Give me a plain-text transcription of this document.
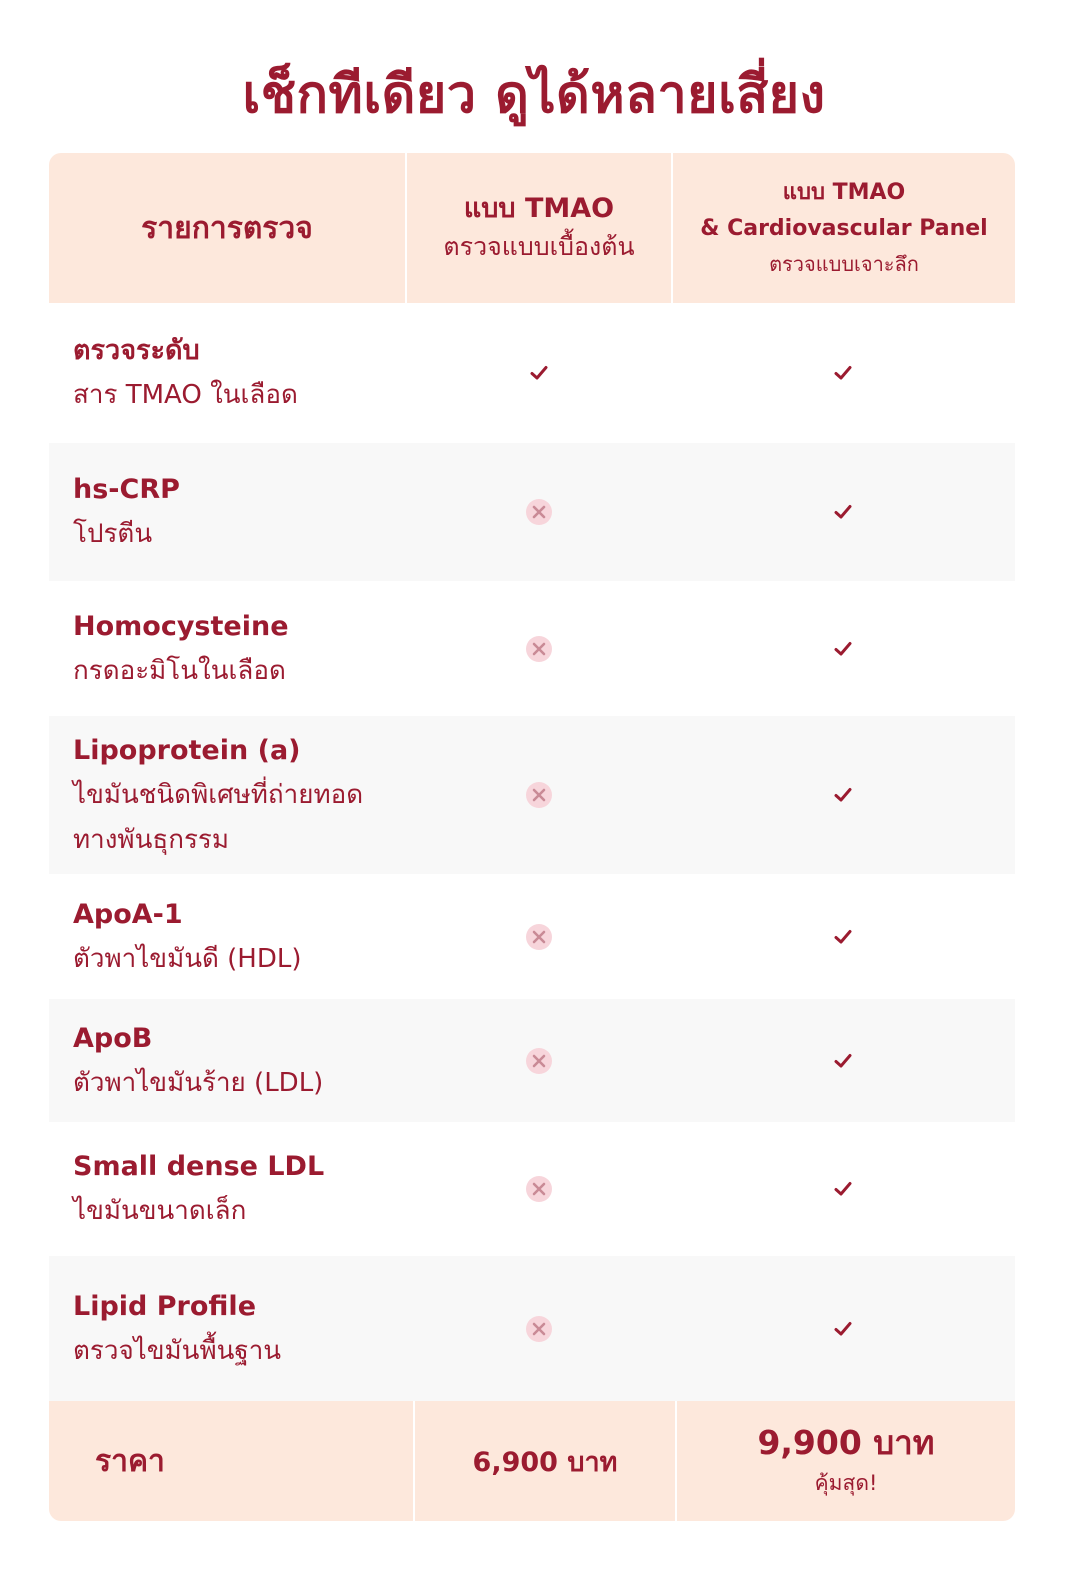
เช็กทีเดียว ดูได้หลายเสี่ยง
รายการตรวจ
แบบ TMAO
ตรวจแบบเบื้องต้น
แบบ TMAO
& Cardiovascular Panel
ตรวจแบบเจาะลึก
ตรวจระดับ
สาร TMAO ในเลือด
hs-CRP
โปรตีน
Homocysteine
กรดอะมิโนในเลือด
Lipoprotein (a)
ไขมันชนิดพิเศษที่ถ่ายทอด
ทางพันธุกรรม
ApoA-1
ตัวพาไขมันดี (HDL)
ApoB
ตัวพาไขมันร้าย (LDL)
Small dense LDL
ไขมันขนาดเล็ก
Lipid Profile
ตรวจไขมันพื้นฐาน
ราคา	6,900 บาท	9,900 บาท
คุ้มสุด!
